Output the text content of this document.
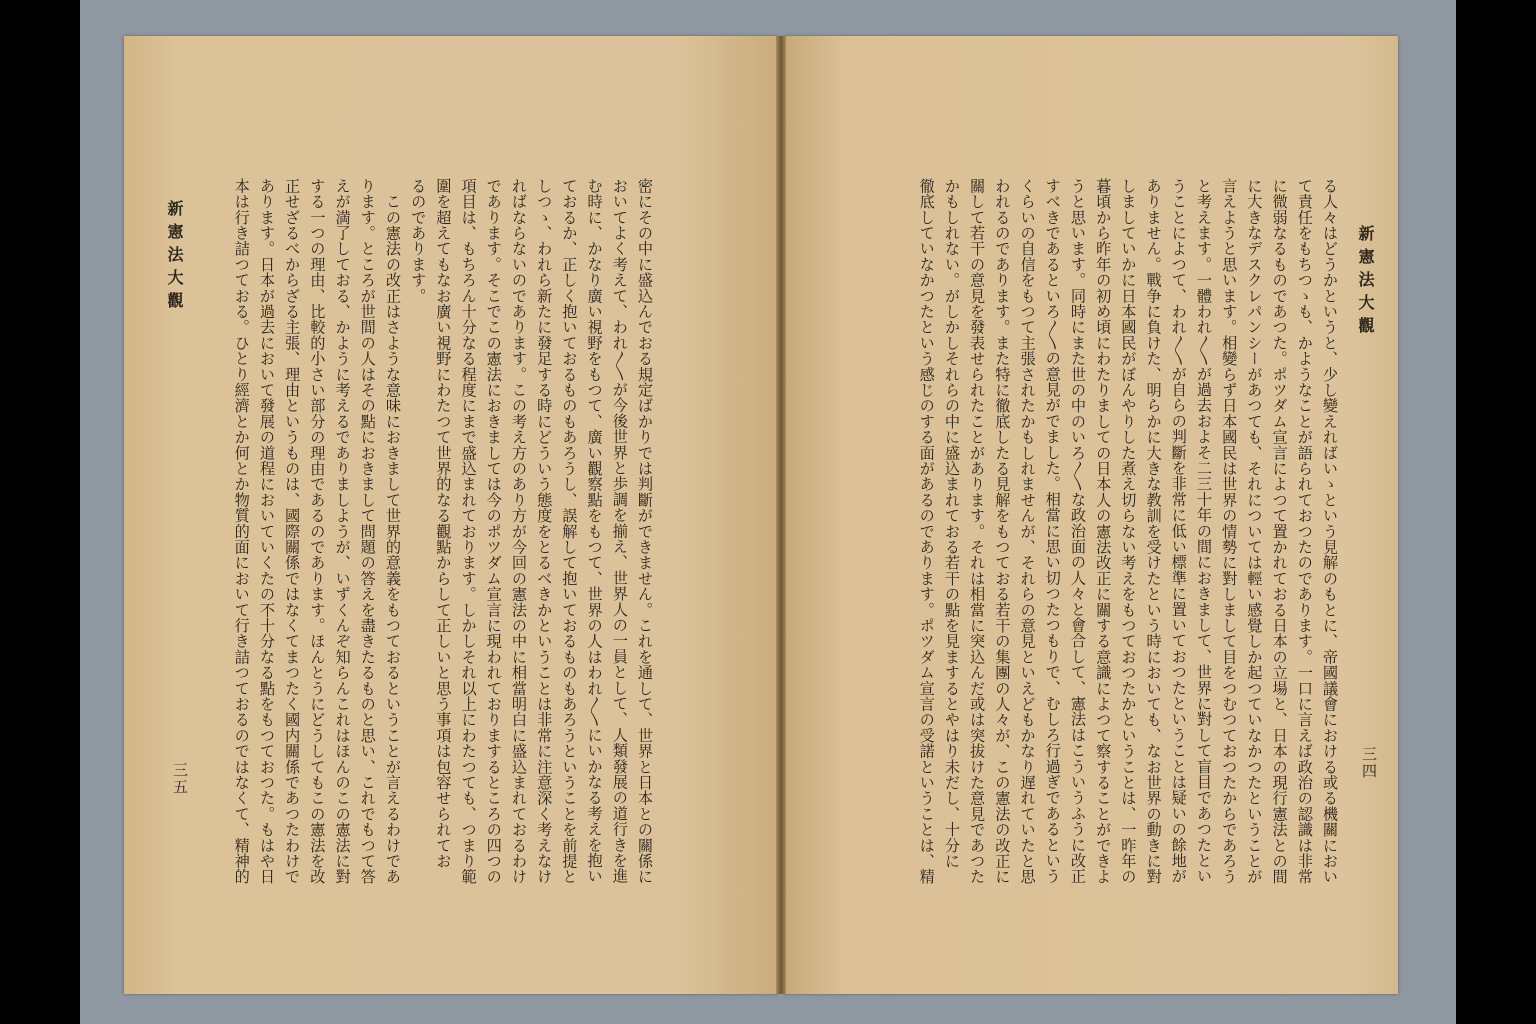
新憲法大觀
三五
新憲法大觀
三四
密にその中に盛込んでおる規定ばかりでは判斷ができません。これを通して、世界と日本との關係に
おいてよく考えて、われ〳〵が今後世界と歩調を揃え、世界人の一員として、人類發展の道行きを進
む時に、かなり廣い視野をもつて、廣い觀察點をもつて、世界の人はわれ〳〵にいかなる考えを抱い
ておるか、正しく抱いておるものもあろうし、誤解して抱いておるものもあろうということを前提と
しつゝ、われら新たに發足する時にどういう態度をとるべきかということは非常に注意深く考えなけ
ればならないのであります。この考え方のあり方が今回の憲法の中に相當明白に盛込まれておるわけ
であります。そこでこの憲法におきましては今のポツダム宣言に現われておりまするところの四つの
項目は、もちろん十分なる程度にまで盛込まれております。しかしそれ以上にわたつても、つまり範
圍を超えてもなお廣い視野にわたつて世界的なる觀點からして正しいと思う事項は包容せられてお
るのであります。
　この憲法の改正はさような意味におきまして世界的意義をもつておるということが言えるわけであ
ります。ところが世間の人はその點におきまして問題の答えを盡きたるものと思い、これでもつて答
えが満了しておる、かように考えるでありましようが、いずくんぞ知らんこれはほんのこの憲法に對
する一つの理由、比較的小さい部分の理由であるのであります。ほんとうにどうしてもこの憲法を改
正せざるべからざる主張、理由というものは、國際關係ではなくてまつたく國内關係であつたわけで
あります。日本が過去において發展の道程においていくたの不十分なる點をもつておつた。もはや日
本は行き詰つておる。ひとり經濟とか何とか物質的面において行き詰つておるのではなくて、精神的	る人々はどうかというと、少し變えればいゝという見解のもとに、帝國議會における或る機關におい
て責任をもちつゝも、かようなことが語られておつたのであります。一口に言えば政治の認識は非常
に微弱なるものであつた。ポツダム宣言によつて置かれておる日本の立場と、日本の現行憲法との間
に大きなデスクレパンシーがあつても、それについては輕い感覺しか起つていなかつたということが
言えようと思います。相變らず日本國民は世界の情勢に對しまして目をつむつておつたからであろう
と考えます。一體われ〳〵が過去およそ二三十年の間におきまして、世界に對して盲目であつたとい
うことによつて、われ〳〵が自らの判斷を非常に低い標準に置いておつたということは疑いの餘地が
ありません。戰争に負けた、明らかに大きな教訓を受けたという時においても、なお世界の動きに對
しましていかに日本國民がぼんやりした煮え切らない考えをもつておつたかということは、一昨年の
暮頃から昨年の初め頃にわたりましての日本人の憲法改正に關する意識によつて察することができよ
うと思います。同時にまた世の中のいろ〳〵な政治面の人々と會合して、憲法はこういうふうに改正
すべきであるといろ〳〵の意見がでました。相當に思い切つたつもりで、むしろ行過ぎであるという
くらいの自信をもつて主張されたかもしれませんが、それらの意見といえどもかなり遅れていたと思
われるのであります。また特に徹底したる見解をもつておる若干の集團の人々が、この憲法の改正に
關して若干の意見を發表せられたことがあります。それは相當に突込んだ或は突拔けた意見であつた
かもしれない。がしかしそれらの中に盛込まれておる若干の點を見まするとやはり未だし、十分に
徹底していなかつたという感じのする面があるのであります。ポツダム宣言の受諾ということは、精
